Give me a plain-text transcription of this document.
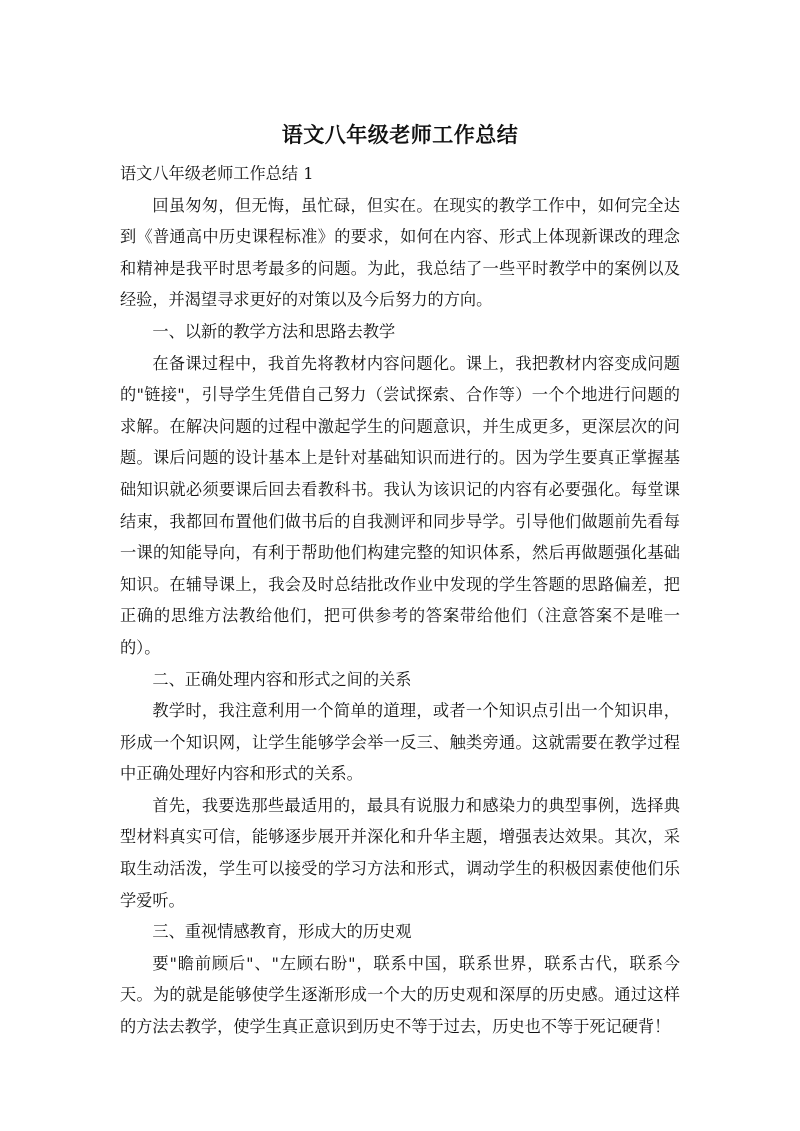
语文八年级老师工作总结

语文八年级老师工作总结 1

回虽匆匆，但无悔，虽忙碌，但实在。在现实的教学工作中，如何完全达到《普通高中历史课程标准》的要求，如何在内容、形式上体现新课改的理念和精神是我平时思考最多的问题。为此，我总结了一些平时教学中的案例以及经验，并渴望寻求更好的对策以及今后努力的方向。

一、以新的教学方法和思路去教学

在备课过程中，我首先将教材内容问题化。课上，我把教材内容变成问题的"链接"，引导学生凭借自己努力（尝试探索、合作等）一个个地进行问题的求解。在解决问题的过程中激起学生的问题意识，并生成更多，更深层次的问题。课后问题的设计基本上是针对基础知识而进行的。因为学生要真正掌握基础知识就必须要课后回去看教科书。我认为该识记的内容有必要强化。每堂课结束，我都回布置他们做书后的自我测评和同步导学。引导他们做题前先看每一课的知能导向，有利于帮助他们构建完整的知识体系，然后再做题强化基础知识。在辅导课上，我会及时总结批改作业中发现的学生答题的思路偏差，把正确的思维方法教给他们，把可供参考的答案带给他们（注意答案不是唯一的）。

二、正确处理内容和形式之间的关系

教学时，我注意利用一个简单的道理，或者一个知识点引出一个知识串，形成一个知识网，让学生能够学会举一反三、触类旁通。这就需要在教学过程中正确处理好内容和形式的关系。

首先，我要选那些最适用的，最具有说服力和感染力的典型事例，选择典型材料真实可信，能够逐步展开并深化和升华主题，增强表达效果。其次，采取生动活泼，学生可以接受的学习方法和形式，调动学生的积极因素使他们乐学爱听。

三、重视情感教育，形成大的历史观

要"瞻前顾后"、"左顾右盼"，联系中国，联系世界，联系古代，联系今天。为的就是能够使学生逐渐形成一个大的历史观和深厚的历史感。通过这样的方法去教学，使学生真正意识到历史不等于过去，历史也不等于死记硬背！
